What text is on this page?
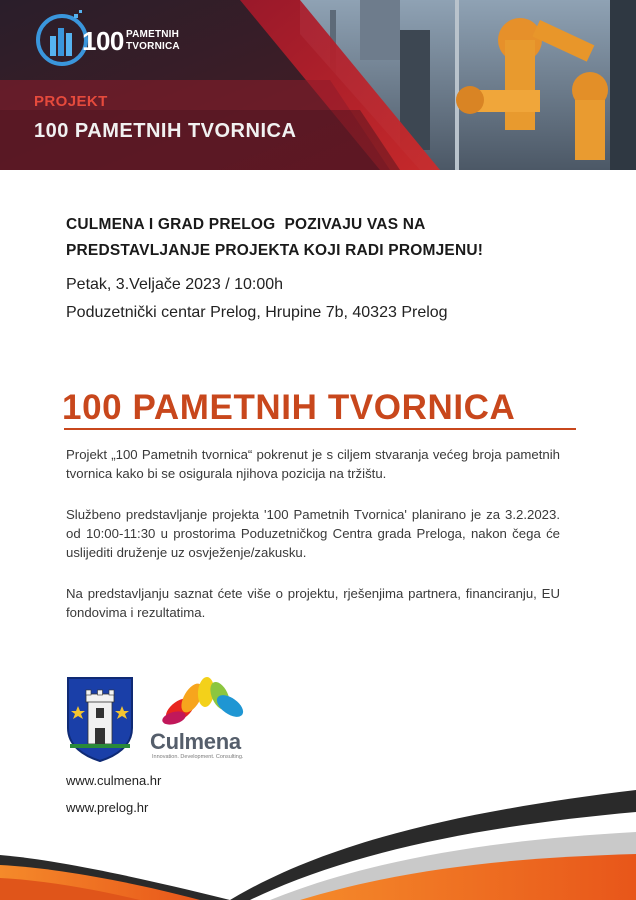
100 PAMETNIH
TVORNICA
PROJEKT
100 PAMETNIH TVORNICA
CULMENA I GRAD PRELOG  POZIVAJU VAS NA
PREDSTAVLJANJE PROJEKTA KOJI RADI PROMJENU!
Petak, 3.Veljače 2023 / 10:00h
Poduzetnički centar Prelog, Hrupine 7b, 40323 Prelog
100 PAMETNIH TVORNICA

Projekt „100 Pametnih tvornica“ pokrenut je s ciljem stvaranja većeg broja pametnih tvornica kako bi se osigurala njihova pozicija na tržištu.

Službeno predstavljanje projekta '100 Pametnih Tvornica' planirano je za 3.2.2023. od 10:00-11:30 u prostorima Poduzetničkog Centra grada Preloga, nakon čega će uslijediti druženje uz osvježenje/zakusku.

Na predstavljanju saznat ćete više o projektu, rješenjima partnera, financiranju, EU fondovima i rezultatima.

Culmena
Innovation. Development. Consulting.
www.culmena.hr
www.prelog.hr
